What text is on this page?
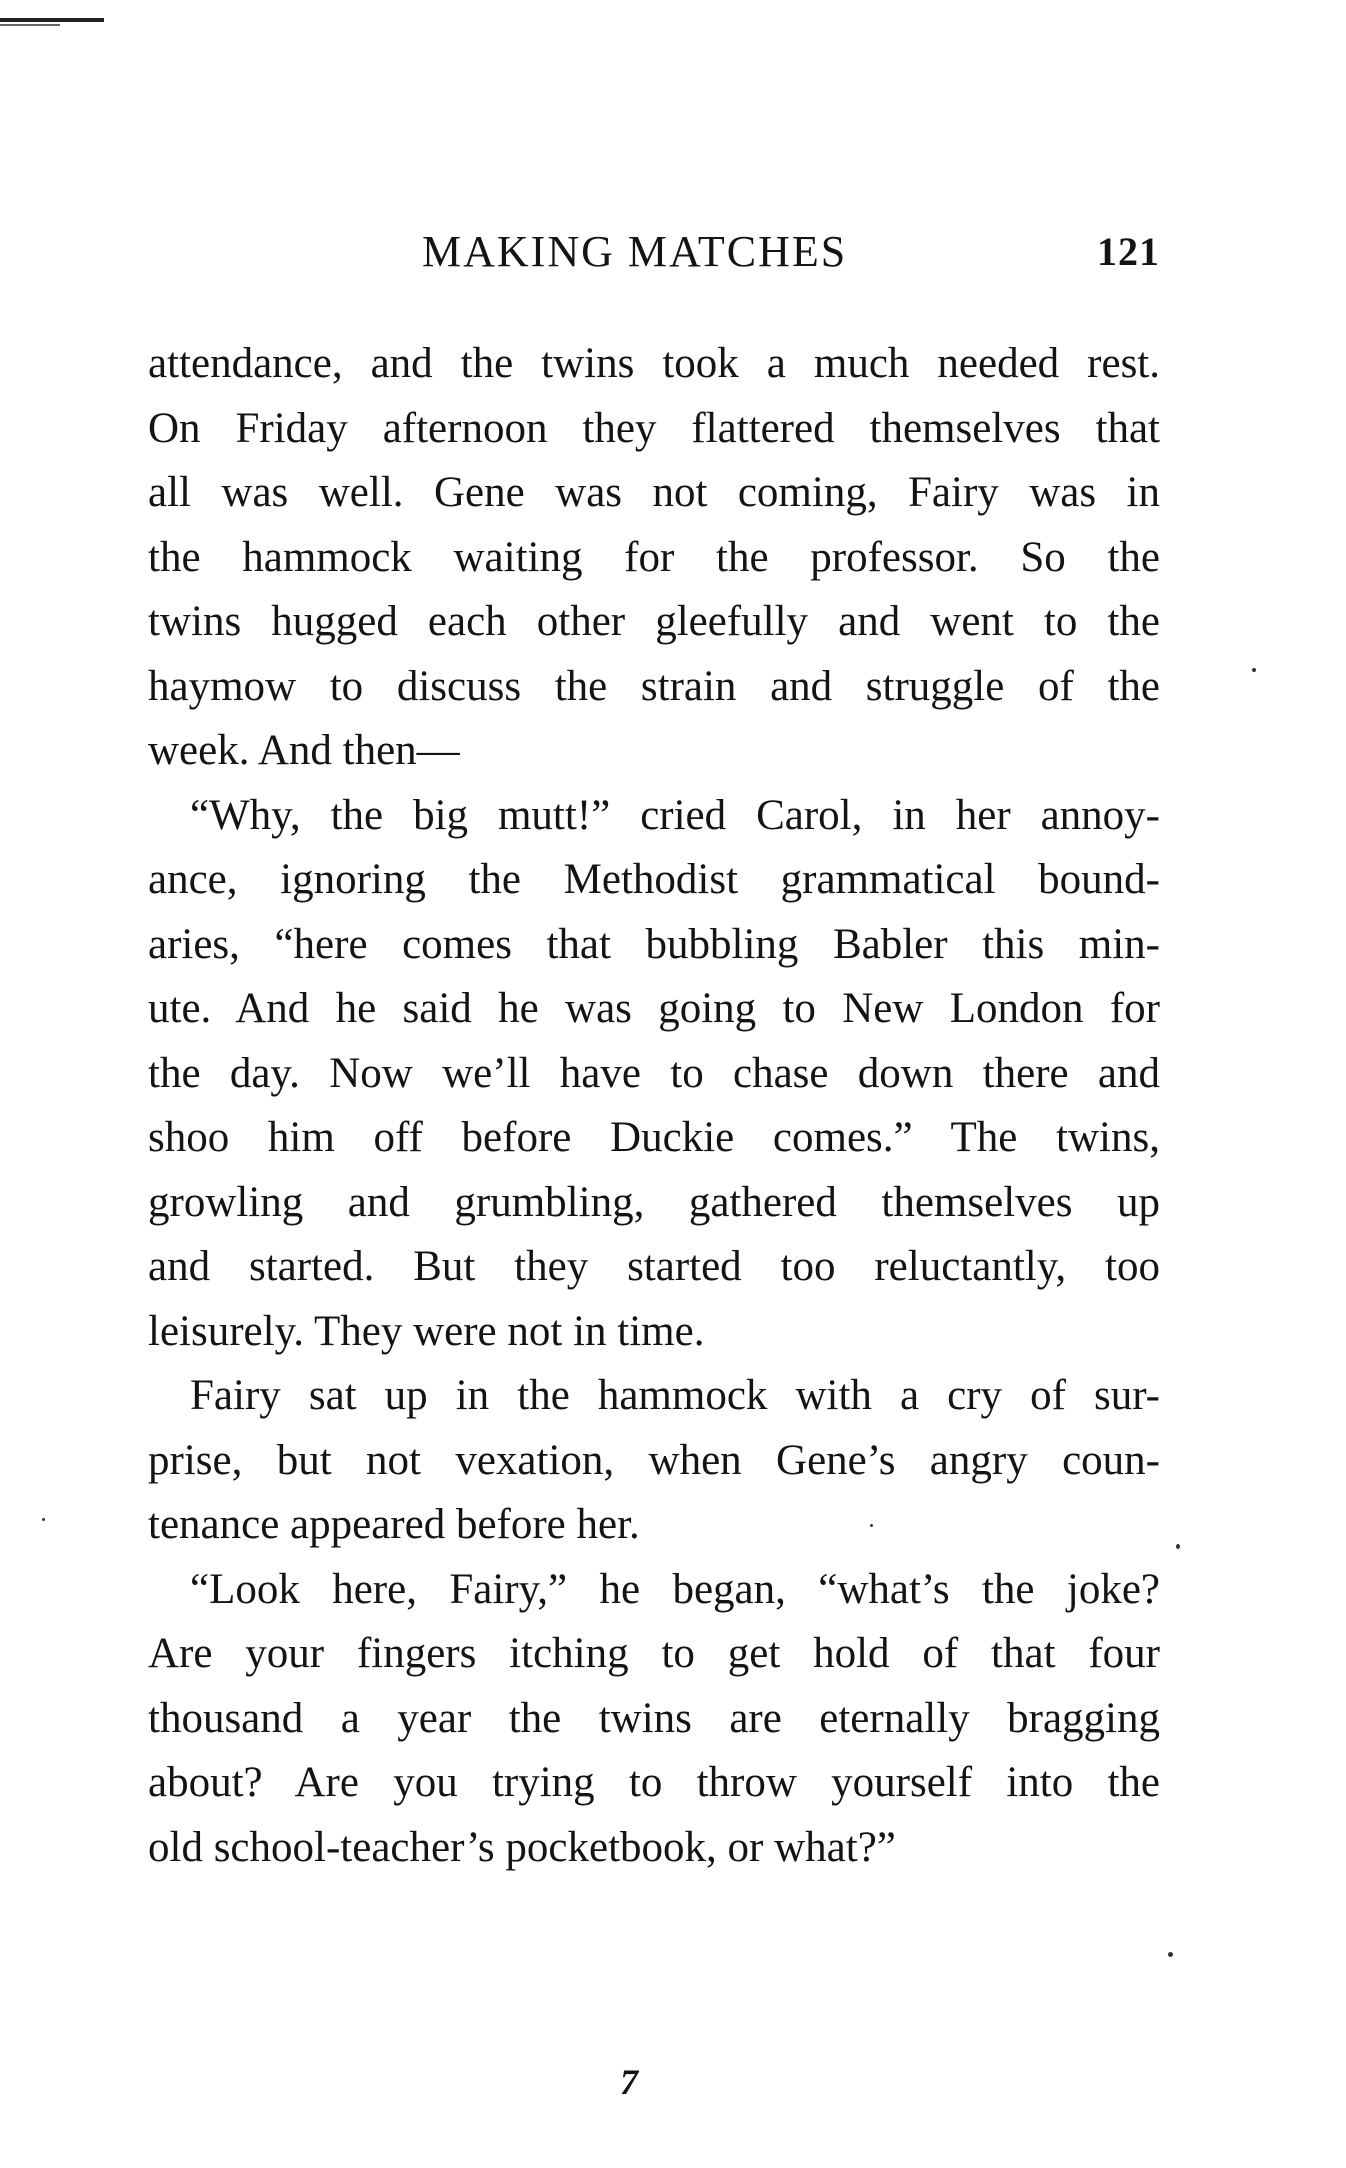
MAKING MATCHES	121
attendance, and the twins took a much needed rest.
On Friday afternoon they flattered themselves that
all was well. Gene was not coming, Fairy was in
the hammock waiting for the professor. So the
twins hugged each other gleefully and went to the
haymow to discuss the strain and struggle of the
week. And then—
“Why, the big mutt!” cried Carol, in her annoy-
ance, ignoring the Methodist grammatical bound-
aries, “here comes that bubbling Babler this min-
ute. And he said he was going to New London for
the day. Now we’ll have to chase down there and
shoo him off before Duckie comes.” The twins,
growling and grumbling, gathered themselves up
and started. But they started too reluctantly, too
leisurely. They were not in time.
Fairy sat up in the hammock with a cry of sur-
prise, but not vexation, when Gene’s angry coun-
tenance appeared before her.
“Look here, Fairy,” he began, “what’s the joke?
Are your fingers itching to get hold of that four
thousand a year the twins are eternally bragging
about? Are you trying to throw yourself into the
old school-teacher’s pocketbook, or what?”
7
